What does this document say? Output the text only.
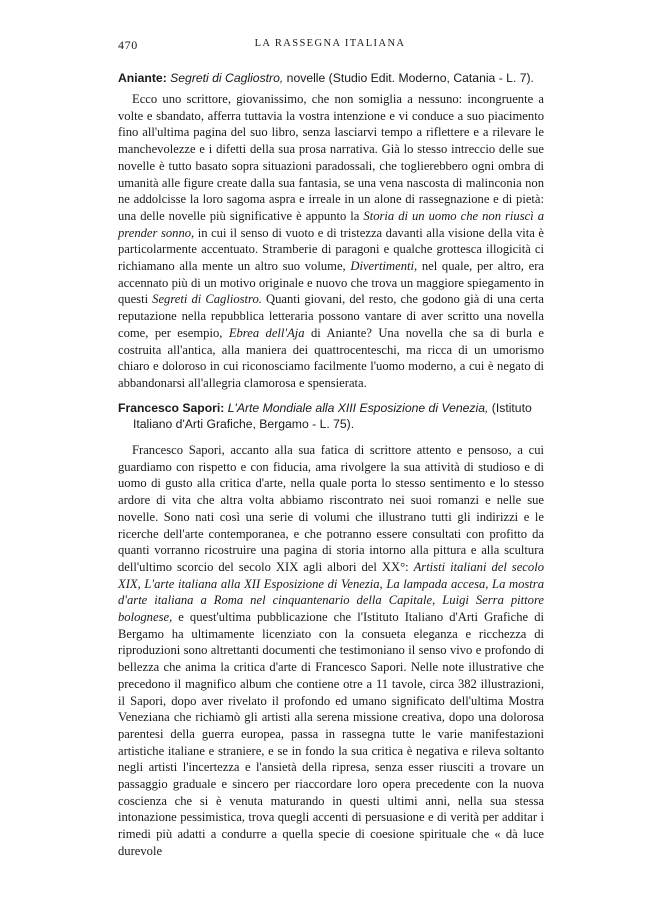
470	LA RASSEGNA ITALIANA
Aniante: Segreti di Cagliostro, novelle (Studio Edit. Moderno, Catania - L. 7).
Ecco uno scrittore, giovanissimo, che non somiglia a nessuno: incongruente a volte e sbandato, afferra tuttavia la vostra intenzione e vi conduce a suo piacimento fino all'ultima pagina del suo libro, senza lasciarvi tempo a riflettere e a rilevare le manchevolezze e i difetti della sua prosa narrativa. Già lo stesso intreccio delle sue novelle è tutto basato sopra situazioni paradossali, che toglierebbero ogni ombra di umanità alle figure create dalla sua fantasia, se una vena nascosta di malinconia non ne addolcisse la loro sagoma aspra e irreale in un alone di rassegnazione e di pietà: una delle novelle più significative è appunto la Storia di un uomo che non riuscì a prender sonno, in cui il senso di vuoto e di tristezza davanti alla visione della vita è particolarmente accentuato. Stramberie di paragoni e qualche grottesca illogicità ci richiamano alla mente un altro suo volume, Divertimenti, nel quale, per altro, era accennato più di un motivo originale e nuovo che trova un maggiore spiegamento in questi Segreti di Cagliostro. Quanti giovani, del resto, che godono già di una certa reputazione nella repubblica letteraria possono vantare di aver scritto una novella come, per esempio, Ebrea dell'Aja di Aniante? Una novella che sa di burla e costruita all'antica, alla maniera dei quattrocenteschi, ma ricca di un umorismo chiaro e doloroso in cui riconosciamo facilmente l'uomo moderno, a cui è negato di abbandonarsi all'allegria clamorosa e spensierata.
Francesco Sapori: L'Arte Mondiale alla XIII Esposizione di Venezia, (Istituto Italiano d'Arti Grafiche, Bergamo - L. 75).
Francesco Sapori, accanto alla sua fatica di scrittore attento e pensoso, a cui guardiamo con rispetto e con fiducia, ama rivolgere la sua attività di studioso e di uomo di gusto alla critica d'arte, nella quale porta lo stesso sentimento e lo stesso ardore di vita che altra volta abbiamo riscontrato nei suoi romanzi e nelle sue novelle. Sono nati così una serie di volumi che illustrano tutti gli indirizzi e le ricerche dell'arte contemporanea, e che potranno essere consultati con profitto da quanti vorranno ricostruire una pagina di storia intorno alla pittura e alla scultura dell'ultimo scorcio del secolo XIX agli albori del XX°: Artisti italiani del secolo XIX, L'arte italiana alla XII Esposizione di Venezia, La lampada accesa, La mostra d'arte italiana a Roma nel cinquantenario della Capitale, Luigi Serra pittore bolognese, e quest'ultima pubblicazione che l'Istituto Italiano d'Arti Grafiche di Bergamo ha ultimamente licenziato con la consueta eleganza e ricchezza di riproduzioni sono altrettanti documenti che testimoniano il senso vivo e profondo di bellezza che anima la critica d'arte di Francesco Sapori. Nelle note illustrative che precedono il magnifico album che contiene otre a 11 tavole, circa 382 illustrazioni, il Sapori, dopo aver rivelato il profondo ed umano significato dell'ultima Mostra Veneziana che richiamò gli artisti alla serena missione creativa, dopo una dolorosa parentesi della guerra europea, passa in rassegna tutte le varie manifestazioni artistiche italiane e straniere, e se in fondo la sua critica è negativa e rileva soltanto negli artisti l'incertezza e l'ansietà della ripresa, senza esser riusciti a trovare un passaggio graduale e sincero per riaccordare loro opera precedente con la nuova coscienza che si è venuta maturando in questi ultimi anni, nella sua stessa intonazione pessimistica, trova quegli accenti di persuasione e di verità per additar i rimedi più adatti a condurre a quella specie di coesione spirituale che « dà luce durevole
